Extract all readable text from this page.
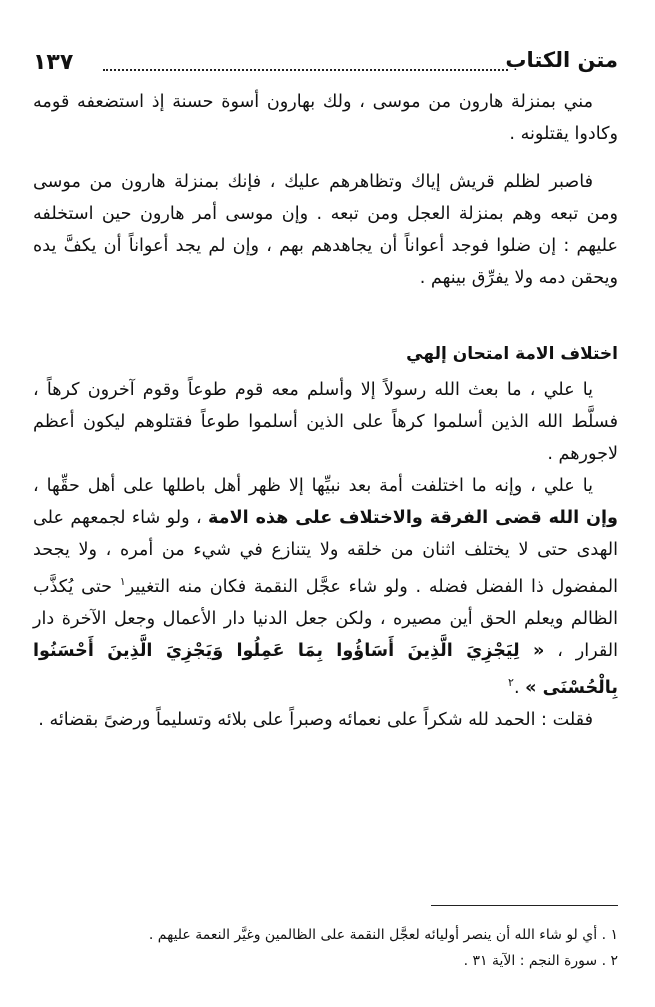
١٣٧	متن الكتاب

مني بمنزلة هارون من موسى ، ولك بهارون أسوة حسنة إذ استضعفه قومه وكادوا يقتلونه .

فاصبر لظلم قريش إياك وتظاهرهم عليك ، فإنك بمنزلة هارون من موسى ومن تبعه وهم بمنزلة العجل ومن تبعه . وإن موسى أمر هارون حين استخلفه عليهم : إن ضلوا فوجد أعواناً أن يجاهدهم بهم ، وإن لم يجد أعواناً أن يكفَّ يده ويحقن دمه ولا يفرِّق بينهم .

اختلاف الامة امتحان إلهي

يا علي ، ما بعث الله رسولاً إلا وأسلم معه قوم طوعاً وقوم آخرون كرهاً ، فسلَّط الله الذين أسلموا كرهاً على الذين أسلموا طوعاً فقتلوهم ليكون أعظم لاجورهم .

يا علي ، وإنه ما اختلفت أمة بعد نبيِّها إلا ظهر أهل باطلها على أهل حقِّها ، وإن الله قضى الفرقة والاختلاف على هذه الامة ، ولو شاء لجمعهم على الهدى حتى لا يختلف اثنان من خلقه ولا يتنازع في شيء من أمره ، ولا يجحد المفضول ذا الفضل فضله . ولو شاء عجَّل النقمة فكان منه التغيير$^١$ حتى يُكذَّب الظالم ويعلم الحق أين مصيره ، ولكن جعل الدنيا دار الأعمال وجعل الآخرة دار القرار ، « لِيَجْزِيَ الَّذِينَ أَسَاؤُوا بِمَا عَمِلُوا وَيَجْزِيَ الَّذِينَ أَحْسَنُوا بِالْحُسْنَى » .$^٢$

فقلت : الحمد لله شكراً على نعمائه وصبراً على بلائه وتسليماً ورضىً بقضائه .

١ . أي لو شاء الله أن ينصر أوليائه لعجَّل النقمة على الظالمين وغيَّر النعمة عليهم .

٢ . سورة النجم : الآية ٣١ .
